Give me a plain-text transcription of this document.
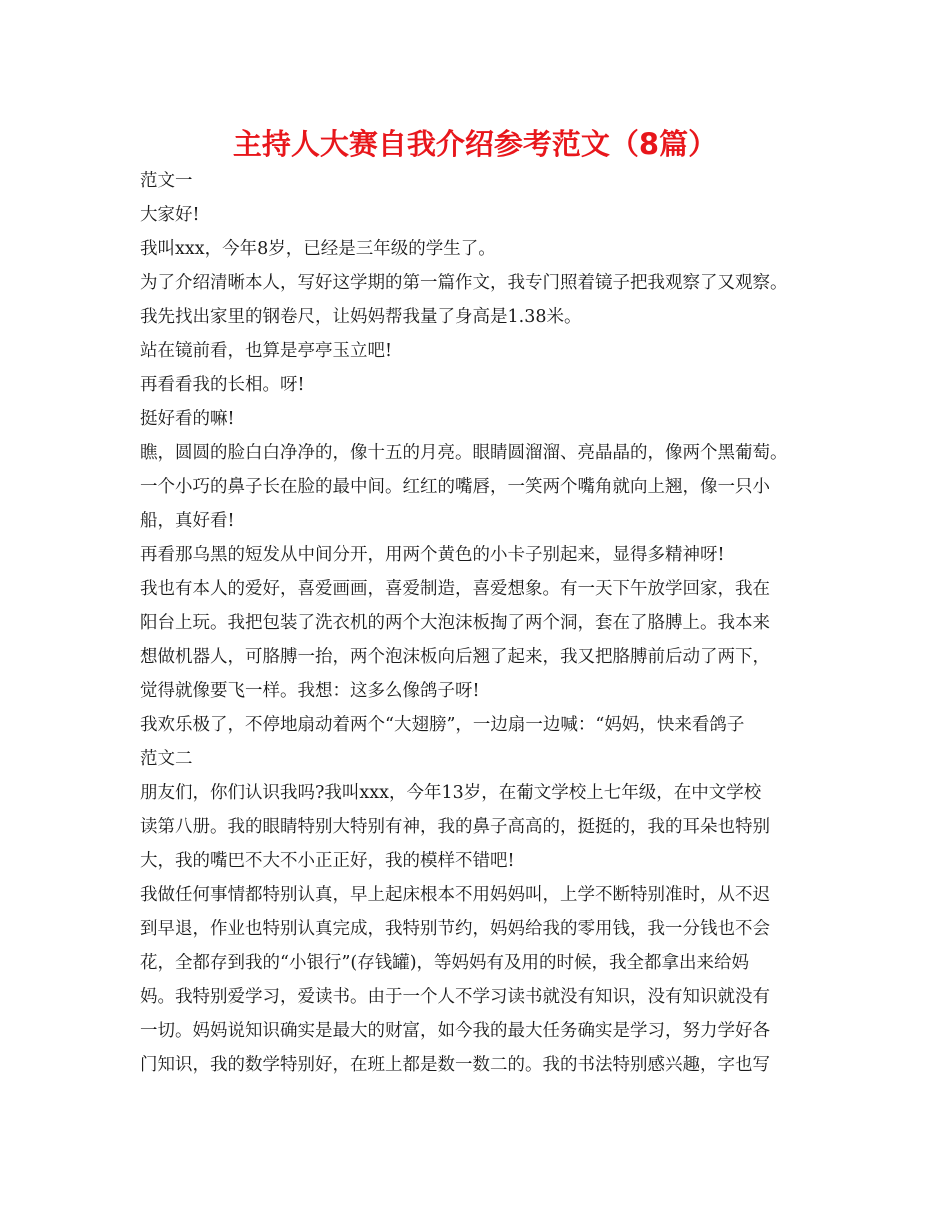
主持人大赛自我介绍参考范文（8篇）
范文一
大家好!
我叫xxx，今年8岁，已经是三年级的学生了。
为了介绍清晰本人，写好这学期的第一篇作文，我专门照着镜子把我观察了又观察。
我先找出家里的钢卷尺，让妈妈帮我量了身高是1.38米。
站在镜前看，也算是亭亭玉立吧!
再看看我的长相。呀!
挺好看的嘛!
瞧，圆圆的脸白白净净的，像十五的月亮。眼睛圆溜溜、亮晶晶的，像两个黑葡萄。
一个小巧的鼻子长在脸的最中间。红红的嘴唇，一笑两个嘴角就向上翘，像一只小
船，真好看!
再看那乌黑的短发从中间分开，用两个黄色的小卡子别起来，显得多精神呀!
我也有本人的爱好，喜爱画画，喜爱制造，喜爱想象。有一天下午放学回家，我在
阳台上玩。我把包装了洗衣机的两个大泡沫板掏了两个洞，套在了胳膊上。我本来
想做机器人，可胳膊一抬，两个泡沫板向后翘了起来，我又把胳膊前后动了两下，
觉得就像要飞一样。我想：这多么像鸽子呀!
我欢乐极了，不停地扇动着两个“大翅膀”，一边扇一边喊：“妈妈，快来看鸽子
范文二
朋友们，你们认识我吗?我叫xxx，今年13岁，在葡文学校上七年级，在中文学校
读第八册。我的眼睛特别大特别有神，我的鼻子高高的，挺挺的，我的耳朵也特别
大，我的嘴巴不大不小正正好，我的模样不错吧!
我做任何事情都特别认真，早上起床根本不用妈妈叫，上学不断特别准时，从不迟
到早退，作业也特别认真完成，我特别节约，妈妈给我的零用钱，我一分钱也不会
花，全都存到我的“小银行”(存钱罐)，等妈妈有及用的时候，我全都拿出来给妈
妈。我特别爱学习，爱读书。由于一个人不学习读书就没有知识，没有知识就没有
一切。妈妈说知识确实是最大的财富，如今我的最大任务确实是学习，努力学好各
门知识，我的数学特别好，在班上都是数一数二的。我的书法特别感兴趣，字也写
